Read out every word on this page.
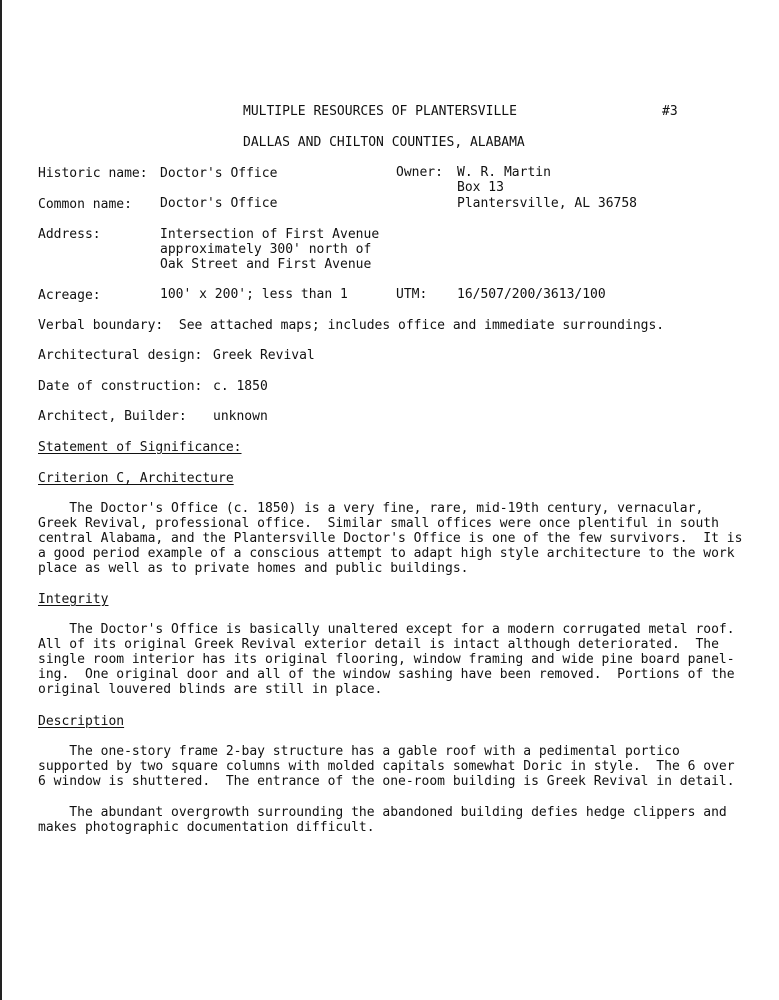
MULTIPLE RESOURCES OF PLANTERSVILLE	#3
DALLAS AND CHILTON COUNTIES, ALABAMA
Historic name: Doctor's Office	Owner: W. R. Martin
Box 13
Plantersville, AL 36758
Common name: Doctor's Office
Address:	Intersection of First Avenue
approximately 300' north of
Oak Street and First Avenue
Acreage:	100' x 200'; less than 1	UTM: 16/507/200/3613/100
Verbal boundary:  See attached maps; includes office and immediate surroundings.
Architectural design: Greek Revival
Date of construction: c. 1850
Architect, Builder: unknown
Statement of Significance:
Criterion C, Architecture
The Doctor's Office (c. 1850) is a very fine, rare, mid-19th century, vernacular,
Greek Revival, professional office.  Similar small offices were once plentiful in south
central Alabama, and the Plantersville Doctor's Office is one of the few survivors.  It is
a good period example of a conscious attempt to adapt high style architecture to the work
place as well as to private homes and public buildings.
Integrity
The Doctor's Office is basically unaltered except for a modern corrugated metal roof.
All of its original Greek Revival exterior detail is intact although deteriorated.  The
single room interior has its original flooring, window framing and wide pine board panel-
ing.  One original door and all of the window sashing have been removed.  Portions of the
original louvered blinds are still in place.
Description
The one-story frame 2-bay structure has a gable roof with a pedimental portico
supported by two square columns with molded capitals somewhat Doric in style.  The 6 over
6 window is shuttered.  The entrance of the one-room building is Greek Revival in detail.
The abundant overgrowth surrounding the abandoned building defies hedge clippers and
makes photographic documentation difficult.
